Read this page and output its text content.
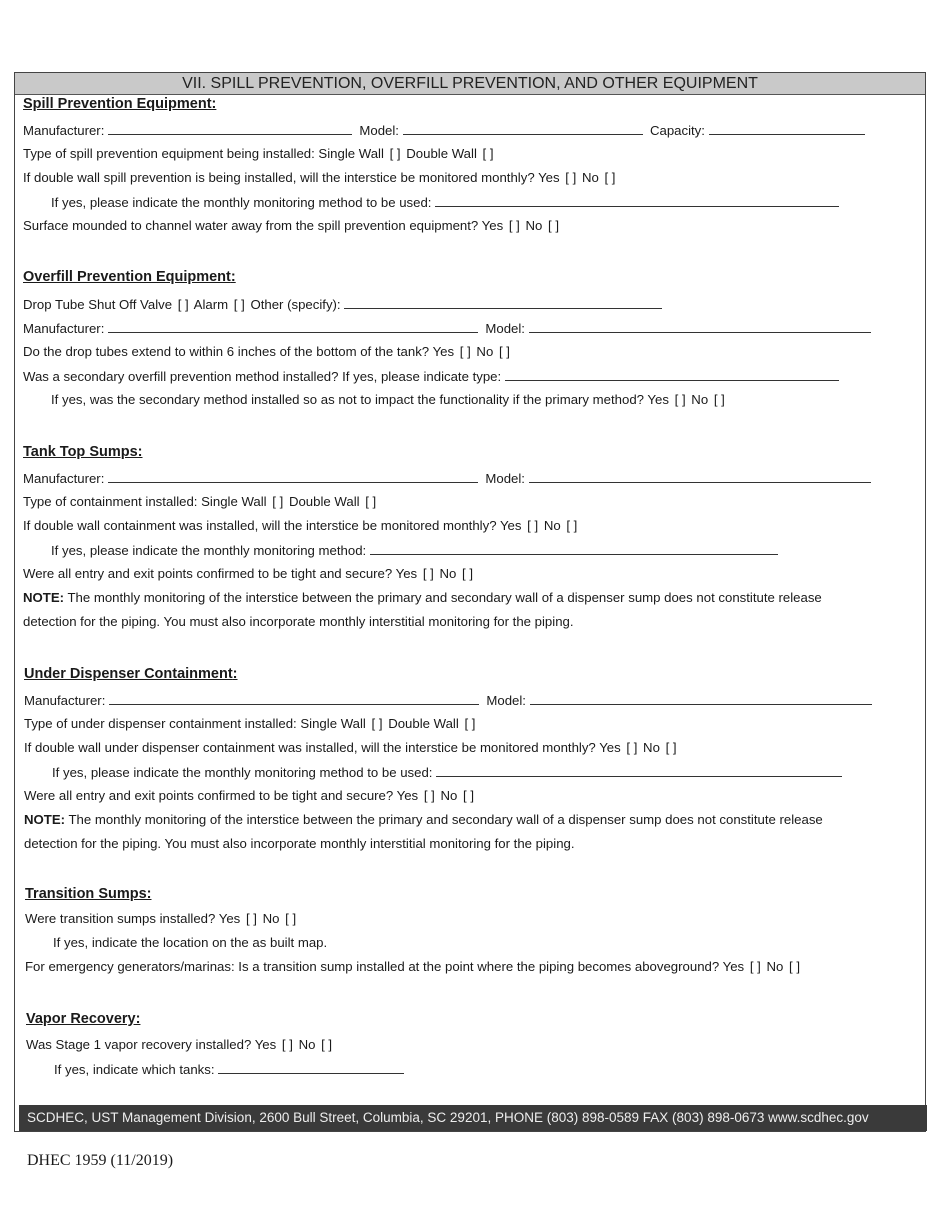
VII. SPILL PREVENTION, OVERFILL PREVENTION, AND OTHER EQUIPMENT
Spill Prevention Equipment:
Manufacturer:	Model:	Capacity:
Type of spill prevention equipment being installed: Single Wall [ ] Double Wall [ ]
If double wall spill prevention is being installed, will the interstice be monitored monthly? Yes [ ] No [ ]
If yes, please indicate the monthly monitoring method to be used:
Surface mounded to channel water away from the spill prevention equipment? Yes [ ] No [ ]
Overfill Prevention Equipment:
Drop Tube Shut Off Valve [ ] Alarm [ ] Other (specify):
Manufacturer:	Model:
Do the drop tubes extend to within 6 inches of the bottom of the tank? Yes [ ] No [ ]
Was a secondary overfill prevention method installed? If yes, please indicate type:
If yes, was the secondary method installed so as not to impact the functionality if the primary method? Yes [ ] No [ ]
Tank Top Sumps:
Manufacturer:	Model:
Type of containment installed: Single Wall [ ] Double Wall [ ]
If double wall containment was installed, will the interstice be monitored monthly? Yes [ ] No [ ]
If yes, please indicate the monthly monitoring method:
Were all entry and exit points confirmed to be tight and secure? Yes [ ] No [ ]
NOTE: The monthly monitoring of the interstice between the primary and secondary wall of a dispenser sump does not constitute release
detection for the piping. You must also incorporate monthly interstitial monitoring for the piping.
Under Dispenser Containment:
Manufacturer:	Model:
Type of under dispenser containment installed: Single Wall [ ] Double Wall [ ]
If double wall under dispenser containment was installed, will the interstice be monitored monthly? Yes [ ] No [ ]
If yes, please indicate the monthly monitoring method to be used:
Were all entry and exit points confirmed to be tight and secure? Yes [ ] No [ ]
NOTE: The monthly monitoring of the interstice between the primary and secondary wall of a dispenser sump does not constitute release
detection for the piping. You must also incorporate monthly interstitial monitoring for the piping.
Transition Sumps:
Were transition sumps installed? Yes [ ] No [ ]
If yes, indicate the location on the as built map.
For emergency generators/marinas: Is a transition sump installed at the point where the piping becomes aboveground? Yes [ ] No [ ]
Vapor Recovery:
Was Stage 1 vapor recovery installed? Yes [ ] No [ ]
If yes, indicate which tanks:
SCDHEC, UST Management Division, 2600 Bull Street, Columbia, SC 29201, PHONE (803) 898-0589 FAX (803) 898-0673 www.scdhec.gov
DHEC 1959 (11/2019)
